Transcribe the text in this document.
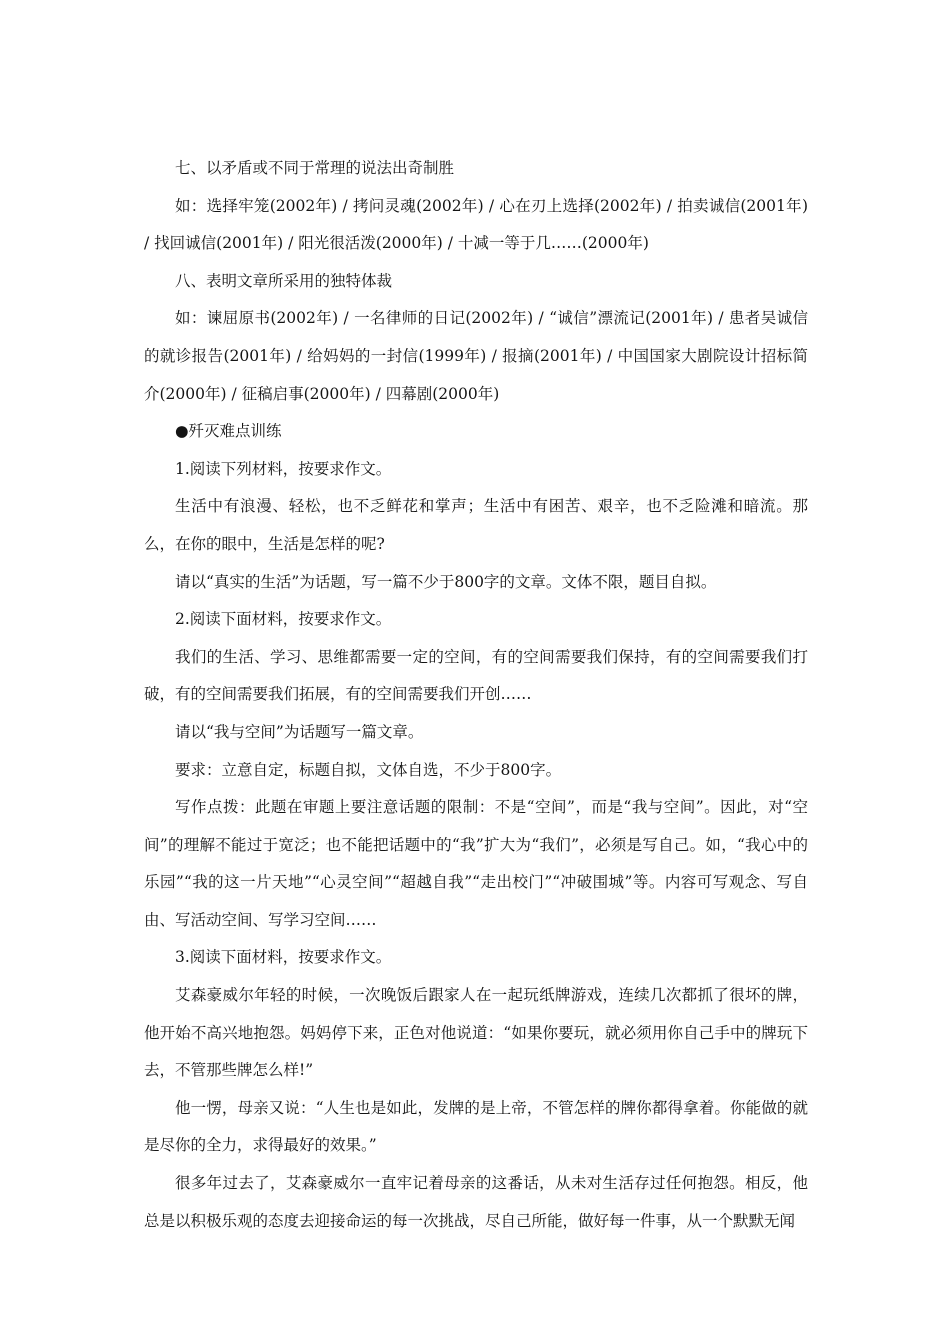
七、以矛盾或不同于常理的说法出奇制胜

如：选择牢笼(2002年) / 拷问灵魂(2002年) / 心在刃上选择(2002年) / 拍卖诚信(2001年) / 找回诚信(2001年) / 阳光很活泼(2000年) / 十减一等于几……(2000年)

八、表明文章所采用的独特体裁

如：谏屈原书(2002年) / 一名律师的日记(2002年) / “诚信”漂流记(2001年) / 患者吴诚信的就诊报告(2001年) / 给妈妈的一封信(1999年) / 报摘(2001年) / 中国国家大剧院设计招标简介(2000年) / 征稿启事(2000年) / 四幕剧(2000年)

●歼灭难点训练

1.阅读下列材料，按要求作文。

生活中有浪漫、轻松，也不乏鲜花和掌声；生活中有困苦、艰辛，也不乏险滩和暗流。那么，在你的眼中，生活是怎样的呢?

请以“真实的生活”为话题，写一篇不少于800字的文章。文体不限，题目自拟。

2.阅读下面材料，按要求作文。

我们的生活、学习、思维都需要一定的空间，有的空间需要我们保持，有的空间需要我们打破，有的空间需要我们拓展，有的空间需要我们开创……

请以“我与空间”为话题写一篇文章。

要求：立意自定，标题自拟，文体自选，不少于800字。

写作点拨：此题在审题上要注意话题的限制：不是“空间”，而是“我与空间”。因此，对“空间”的理解不能过于宽泛；也不能把话题中的“我”扩大为“我们”，必须是写自己。如，“我心中的乐园”“我的这一片天地”“心灵空间”“超越自我”“走出校门”“冲破围城”等。内容可写观念、写自由、写活动空间、写学习空间……

3.阅读下面材料，按要求作文。

艾森豪威尔年轻的时候，一次晚饭后跟家人在一起玩纸牌游戏，连续几次都抓了很坏的牌，他开始不高兴地抱怨。妈妈停下来，正色对他说道：“如果你要玩，就必须用你自己手中的牌玩下去，不管那些牌怎么样!”

他一愣，母亲又说：“人生也是如此，发牌的是上帝，不管怎样的牌你都得拿着。你能做的就是尽你的全力，求得最好的效果。”

很多年过去了，艾森豪威尔一直牢记着母亲的这番话，从未对生活存过任何抱怨。相反，他总是以积极乐观的态度去迎接命运的每一次挑战，尽自己所能，做好每一件事，从一个默默无闻
